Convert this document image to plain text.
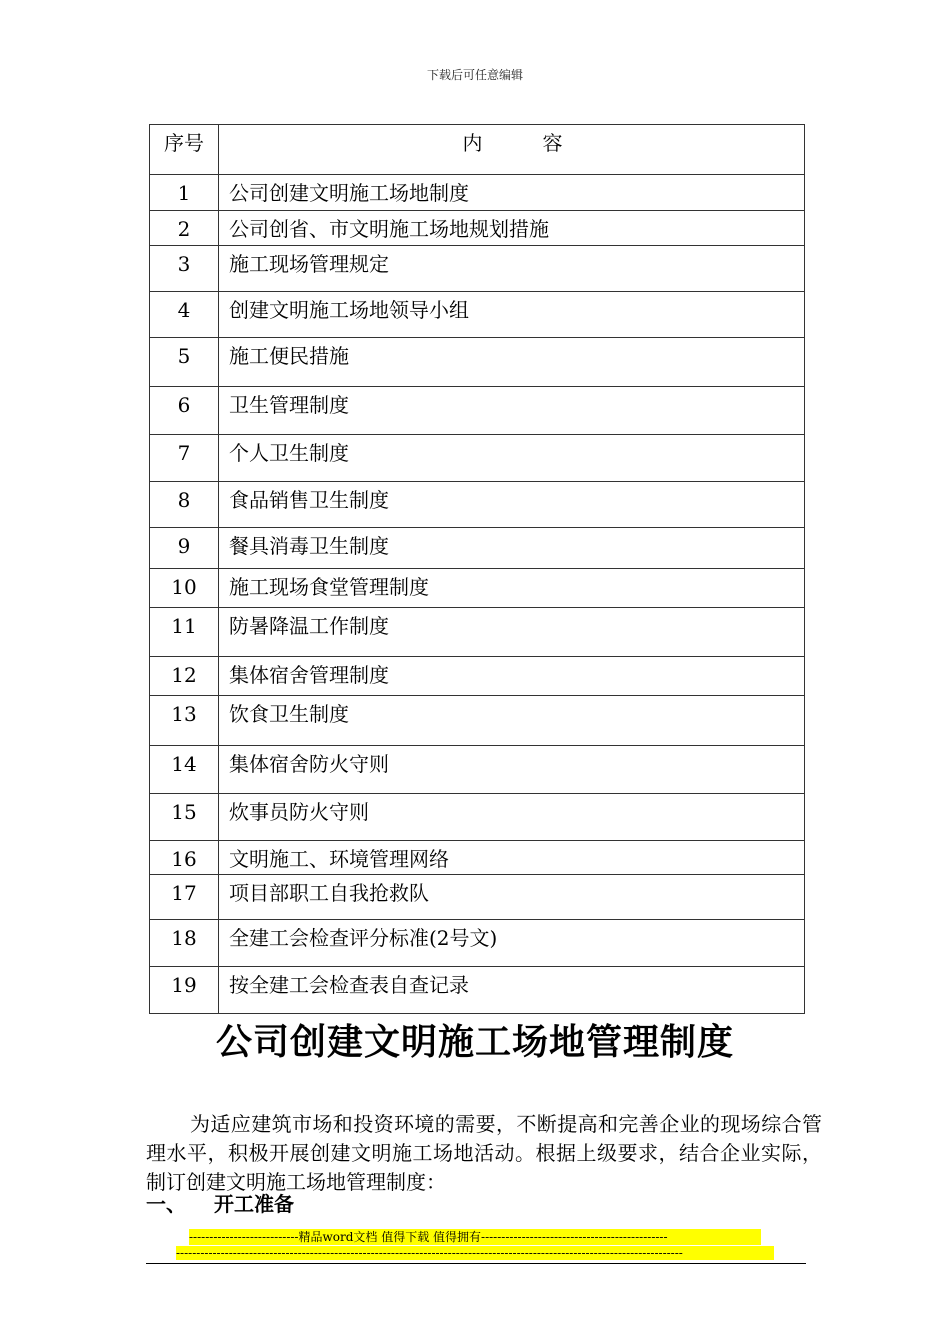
下载后可任意编辑
序号	内 容
1	公司创建文明施工场地制度
2	公司创省、市文明施工场地规划措施
3	施工现场管理规定
4	创建文明施工场地领导小组
5	施工便民措施
6	卫生管理制度
7	个人卫生制度
8	食品销售卫生制度
9	餐具消毒卫生制度
10	施工现场食堂管理制度
11	防暑降温工作制度
12	集体宿舍管理制度
13	饮食卫生制度
14	集体宿舍防火守则
15	炊事员防火守则
16	文明施工、环境管理网络
17	项目部职工自我抢救队
18	全建工会检查评分标准(2号文)
19	按全建工会检查表自查记录
公司创建文明施工场地管理制度
为适应建筑市场和投资环境的需要，不断提高和完善企业的现场综合管理水平，积极开展创建文明施工场地活动。根据上级要求，结合企业实际，制订创建文明施工场地管理制度：
一、 开工准备
---------------------------精品word文档 值得下载 值得拥有----------------------------------------------
-----------------------------------------------------------------------------------------------------------------------------
